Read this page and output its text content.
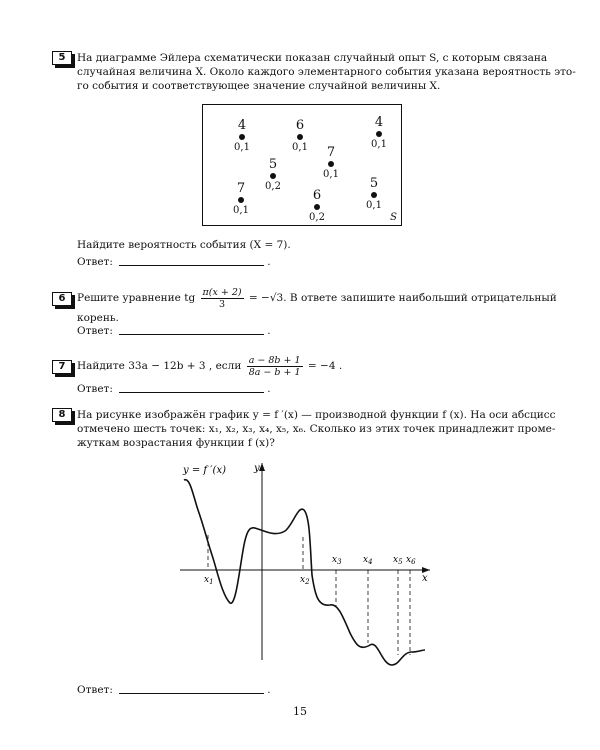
5	На диаграмме Эйлера схематически показан случайный опыт S, с которым связана
случайная величина X. Около каждого элементарного события указана вероятность это-
го события и соответствующее значение случайной величины X.
4
0,1
6
0,1
4
0,1
7
0,1
5
0,2
7
0,1
6
0,2
5
0,1
S
Найдите вероятность события (X = 7).
Ответ:	.
6	Решите уравнение tg $\frac{\pi(x + 2)}{3} = -√3$. В ответе запишите наибольший отрицательный
корень.
Ответ:	.
7	Найдите 33a − 12b + 3 , если $\frac{a - 8b + 1}{8a - b + 1} = -4$ .
Ответ:	.
8	На рисунке изображён график y = f ′(x) — производной функции f (x). На оси абсцисс
отмечено шесть точек: x₁, x₂, x₃, x₄, x₅, x₆. Сколько из этих точек принадлежит проме-
жуткам возрастания функции f (x)?
y = f ′(x)	y
x
$x_1$	$x_2$
$x_3$ $x_4$ $x_5$ $x_6$
Ответ:	.
15
